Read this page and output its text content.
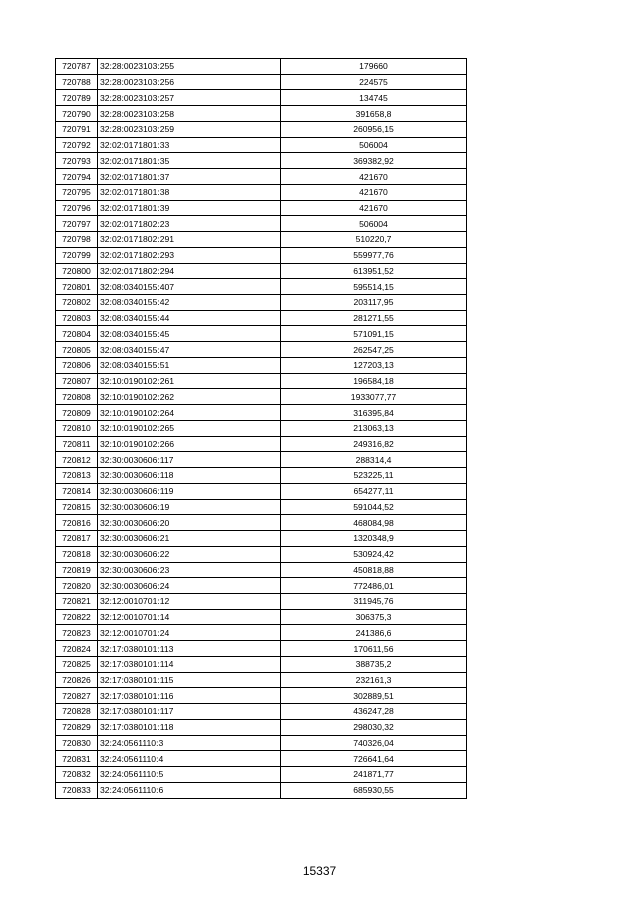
720787	32:28:0023103:255	179660
720788	32:28:0023103:256	224575
720789	32:28:0023103:257	134745
720790	32:28:0023103:258	391658,8
720791	32:28:0023103:259	260956,15
720792	32:02:0171801:33	506004
720793	32:02:0171801:35	369382,92
720794	32:02:0171801:37	421670
720795	32:02:0171801:38	421670
720796	32:02:0171801:39	421670
720797	32:02:0171802:23	506004
720798	32:02:0171802:291	510220,7
720799	32:02:0171802:293	559977,76
720800	32:02:0171802:294	613951,52
720801	32:08:0340155:407	595514,15
720802	32:08:0340155:42	203117,95
720803	32:08:0340155:44	281271,55
720804	32:08:0340155:45	571091,15
720805	32:08:0340155:47	262547,25
720806	32:08:0340155:51	127203,13
720807	32:10:0190102:261	196584,18
720808	32:10:0190102:262	1933077,77
720809	32:10:0190102:264	316395,84
720810	32:10:0190102:265	213063,13
720811	32:10:0190102:266	249316,82
720812	32:30:0030606:117	288314,4
720813	32:30:0030606:118	523225,11
720814	32:30:0030606:119	654277,11
720815	32:30:0030606:19	591044,52
720816	32:30:0030606:20	468084,98
720817	32:30:0030606:21	1320348,9
720818	32:30:0030606:22	530924,42
720819	32:30:0030606:23	450818,88
720820	32:30:0030606:24	772486,01
720821	32:12:0010701:12	311945,76
720822	32:12:0010701:14	306375,3
720823	32:12:0010701:24	241386,6
720824	32:17:0380101:113	170611,56
720825	32:17:0380101:114	388735,2
720826	32:17:0380101:115	232161,3
720827	32:17:0380101:116	302889,51
720828	32:17:0380101:117	436247,28
720829	32:17:0380101:118	298030,32
720830	32:24:0561110:3	740326,04
720831	32:24:0561110:4	726641,64
720832	32:24:0561110:5	241871,77
720833	32:24:0561110:6	685930,55
15337
